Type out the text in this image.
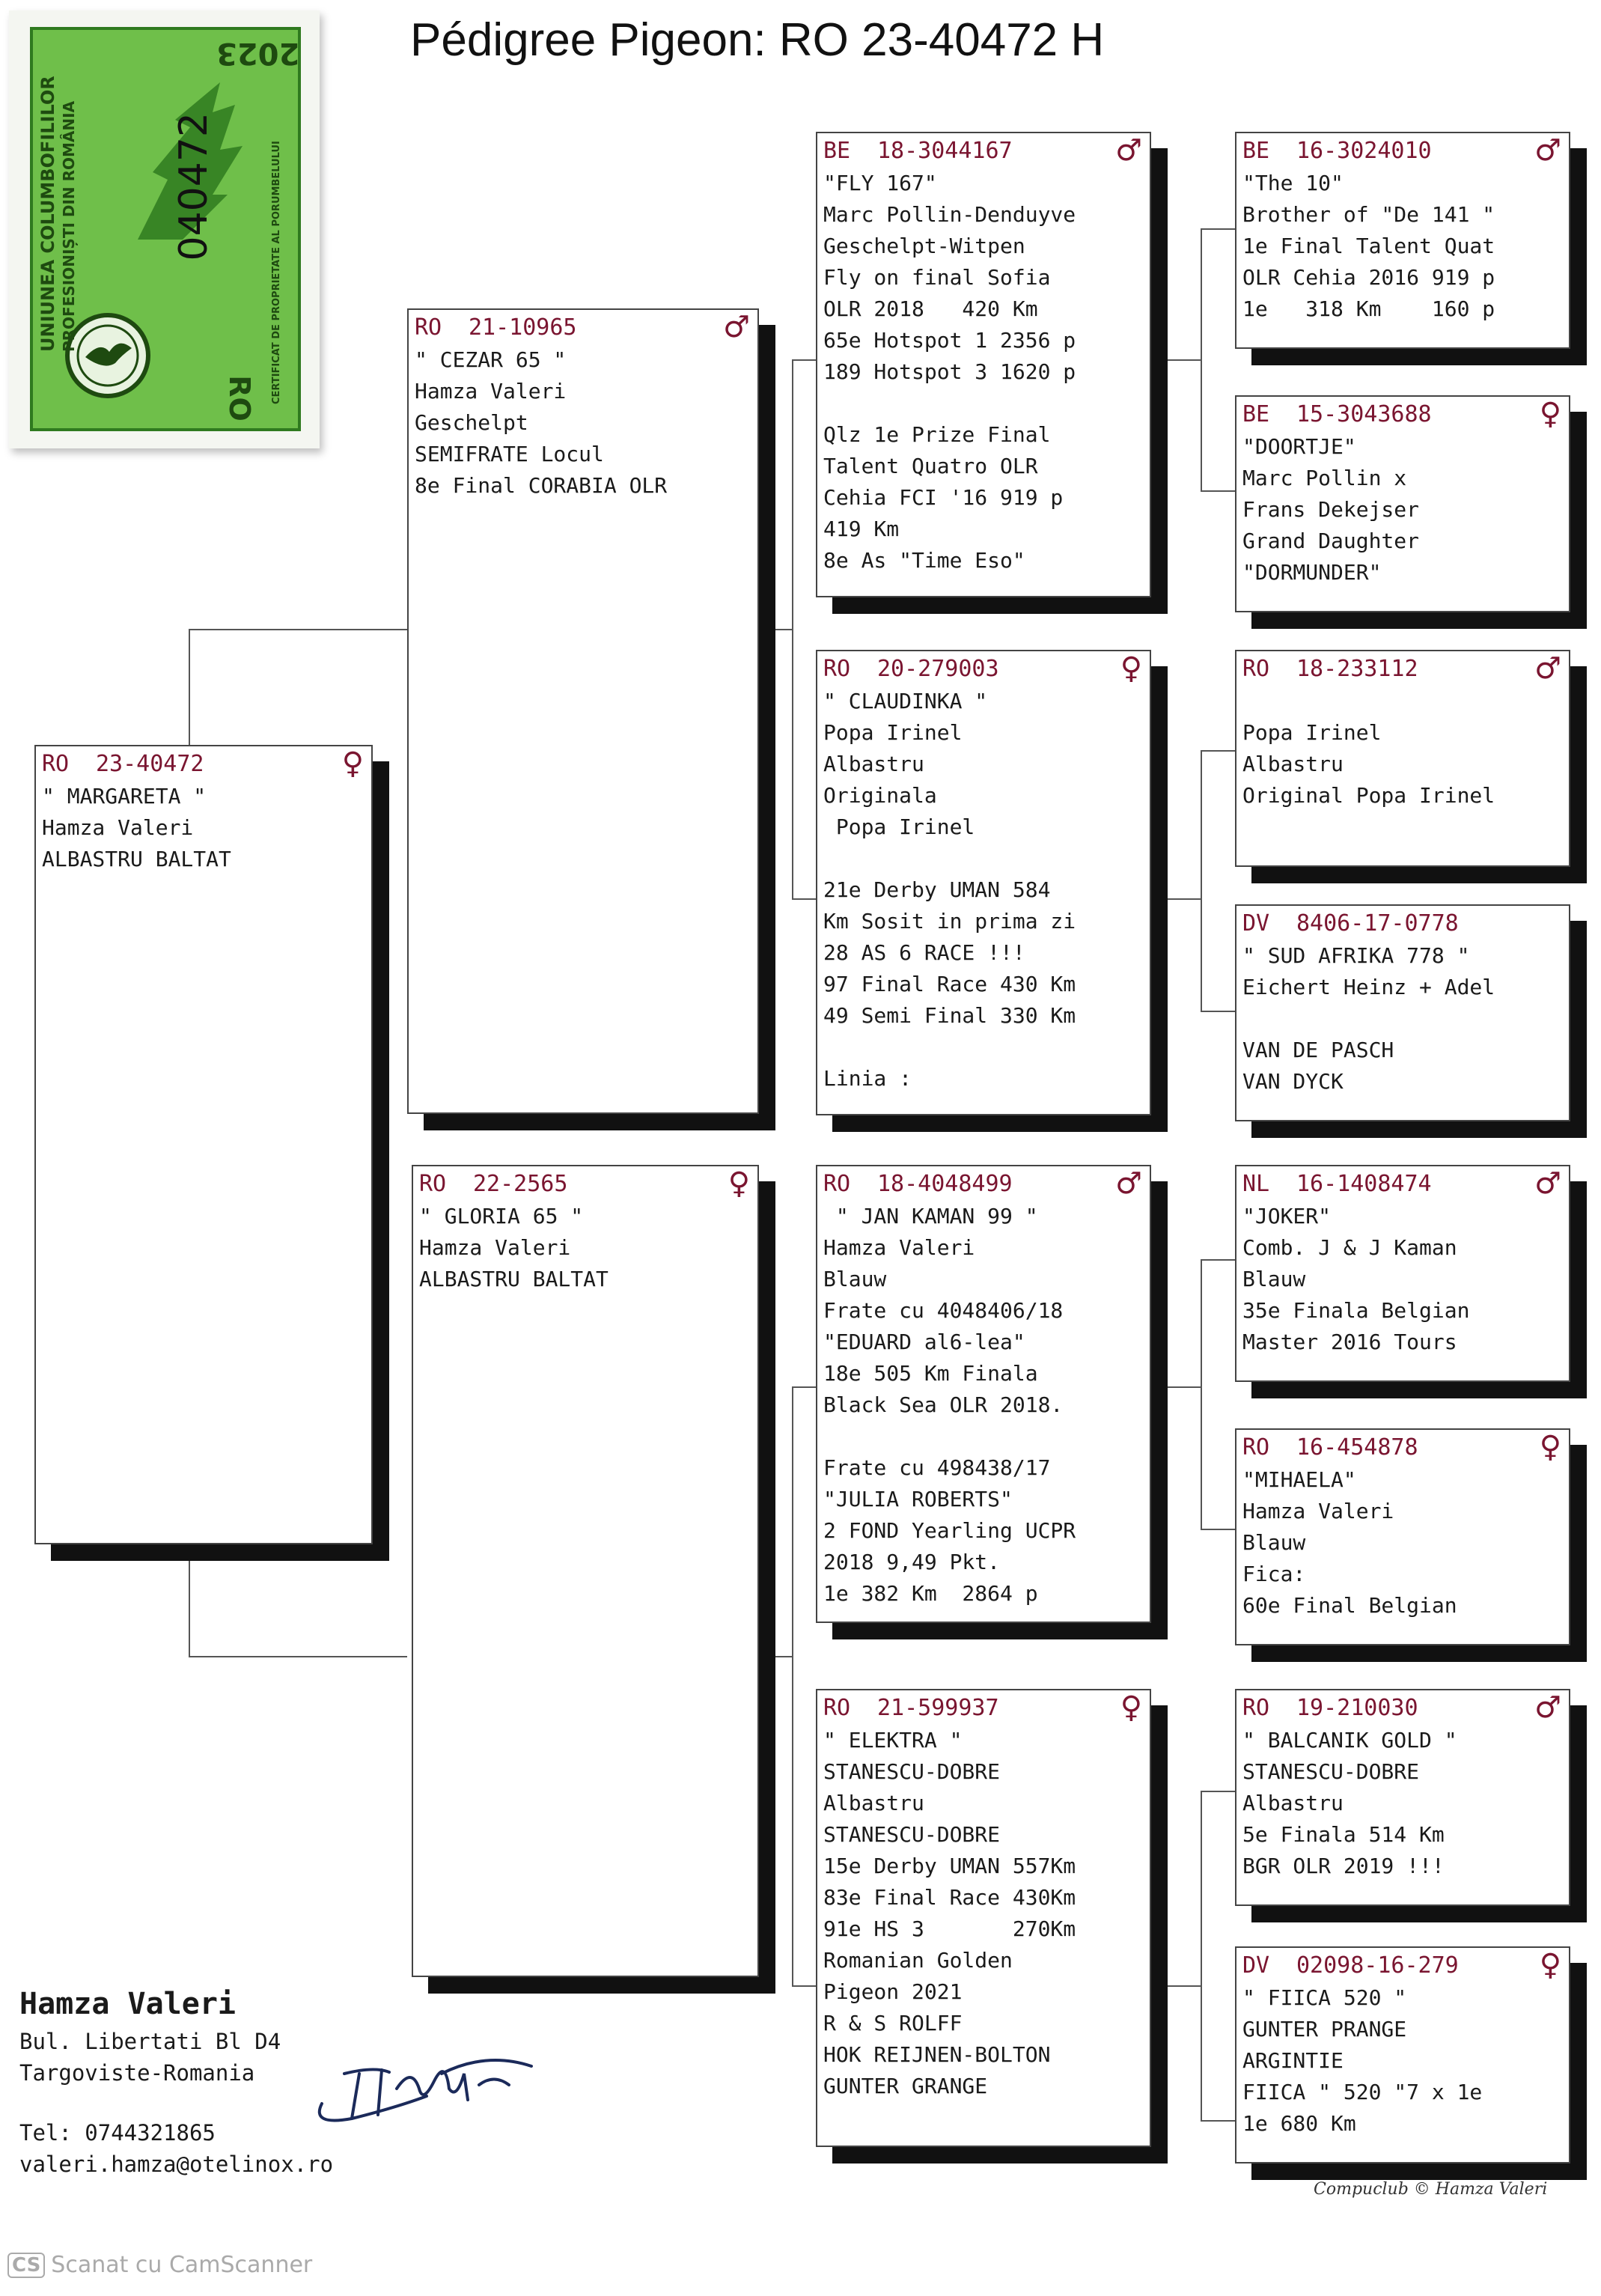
Pédigree Pigeon: RO 23-40472 H
UNIUNEA COLUMBOFILILOR PROFESIONIȘTI DIN ROMÂNIA 040472
2023
RO CERTIFICAT DE PROPRIETATE AL PORUMBELULUI
RO	23-40472	♀
" MARGARETA "
Hamza Valeri
ALBASTRU BALTAT
RO	21-10965	♂
" CEZAR 65 "
Hamza Valeri
Geschelpt
SEMIFRATE Locul
8e Final CORABIA OLR
RO	22-2565	♀
" GLORIA 65 "
Hamza Valeri
ALBASTRU BALTAT
BE	18-3044167	♂
"FLY 167"
Marc Pollin-Denduyve
Geschelpt-Witpen
Fly on final Sofia
OLR 2018   420 Km
65e Hotspot 1 2356 p
189 Hotspot 3 1620 p
Qlz 1e Prize Final
Talent Quatro OLR
Cehia FCI '16 919 p
419 Km
8e As "Time Eso"
RO	20-279003	♀
" CLAUDINKA "
Popa Irinel
Albastru
Originala
Popa Irinel
21e Derby UMAN 584
Km Sosit in prima zi
28 AS 6 RACE !!!
97 Final Race 430 Km
49 Semi Final 330 Km
Linia :
RO	18-4048499	♂
" JAN KAMAN 99 "
Hamza Valeri
Blauw
Frate cu 4048406/18
"EDUARD al6-lea"
18e 505 Km Finala
Black Sea OLR 2018.
Frate cu 498438/17
"JULIA ROBERTS"
2 FOND Yearling UCPR
2018 9,49 Pkt.
1e 382 Km  2864 p
RO	21-599937	♀
" ELEKTRA "
STANESCU-DOBRE
Albastru
STANESCU-DOBRE
15e Derby UMAN 557Km
83e Final Race 430Km
91e HS 3       270Km
Romanian Golden
Pigeon 2021
R & S ROLFF
HOK REIJNEN-BOLTON
GUNTER GRANGE
BE	16-3024010	♂
"The 10"
Brother of "De 141 "
1e Final Talent Quat
OLR Cehia 2016 919 p
1e   318 Km    160 p
BE	15-3043688	♀
"DOORTJE"
Marc Pollin x
Frans Dekejser
Grand Daughter
"DORMUNDER"
RO	18-233112	♂
Popa Irinel
Albastru
Original Popa Irinel
DV	8406-17-0778
" SUD AFRIKA 778 "
Eichert Heinz + Adel
VAN DE PASCH
VAN DYCK
NL	16-1408474	♂
"JOKER"
Comb. J & J Kaman
Blauw
35e Finala Belgian
Master 2016 Tours
RO	16-454878	♀
"MIHAELA"
Hamza Valeri
Blauw
Fica:
60e Final Belgian
RO	19-210030	♂
" BALCANIK GOLD "
STANESCU-DOBRE
Albastru
5e Finala 514 Km
BGR OLR 2019 !!!
DV	02098-16-279	♀
" FIICA 520 "
GUNTER PRANGE
ARGINTIE
FIICA " 520 "7 x 1e
1e 680 Km
Hamza Valeri
Bul. Libertati Bl D4
Targoviste-Romania
Tel: 0744321865
valeri.hamza@otelinox.ro
Compuclub © Hamza Valeri
CS Scanat cu CamScanner
